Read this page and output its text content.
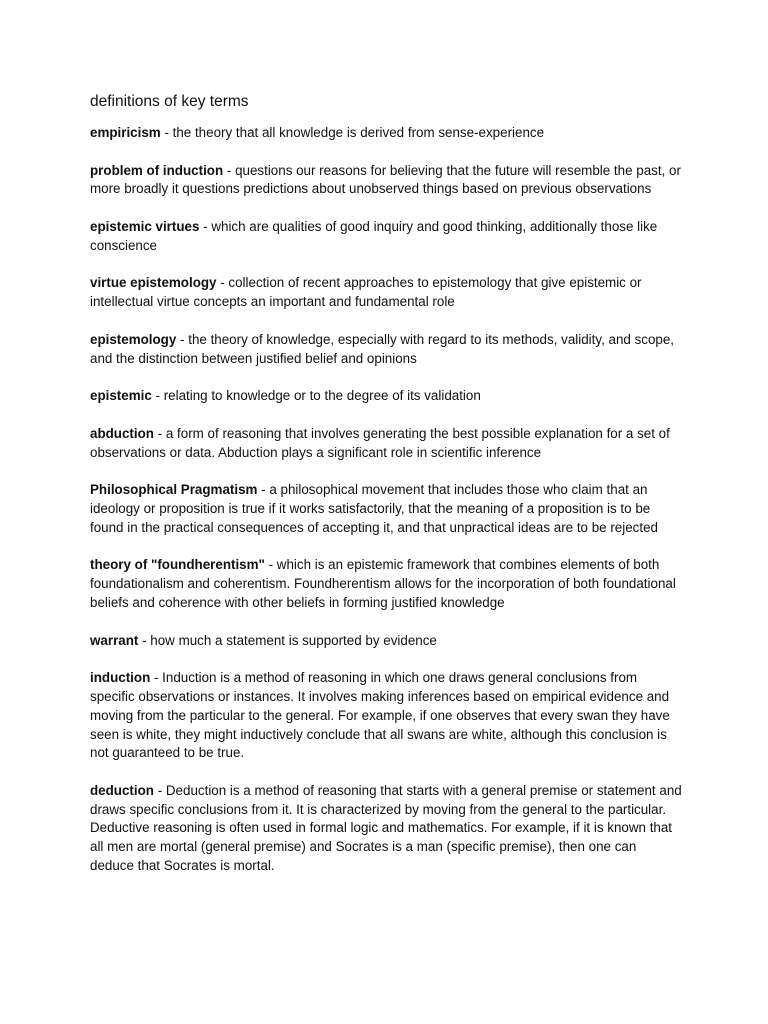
definitions of key terms

empiricism - the theory that all knowledge is derived from sense-experience

problem of induction - questions our reasons for believing that the future will resemble the past, or more broadly it questions predictions about unobserved things based on previous observations

epistemic virtues - which are qualities of good inquiry and good thinking, additionally those like conscience

virtue epistemology - collection of recent approaches to epistemology that give epistemic or intellectual virtue concepts an important and fundamental role

epistemology - the theory of knowledge, especially with regard to its methods, validity, and scope, and the distinction between justified belief and opinions

epistemic - relating to knowledge or to the degree of its validation

abduction - a form of reasoning that involves generating the best possible explanation for a set of observations or data. Abduction plays a significant role in scientific inference

Philosophical Pragmatism - a philosophical movement that includes those who claim that an ideology or proposition is true if it works satisfactorily, that the meaning of a proposition is to be found in the practical consequences of accepting it, and that unpractical ideas are to be rejected

theory of "foundherentism" - which is an epistemic framework that combines elements of both foundationalism and coherentism. Foundherentism allows for the incorporation of both foundational beliefs and coherence with other beliefs in forming justified knowledge

warrant - how much a statement is supported by evidence

induction - Induction is a method of reasoning in which one draws general conclusions from specific observations or instances. It involves making inferences based on empirical evidence and moving from the particular to the general. For example, if one observes that every swan they have seen is white, they might inductively conclude that all swans are white, although this conclusion is not guaranteed to be true.

deduction - Deduction is a method of reasoning that starts with a general premise or statement and draws specific conclusions from it. It is characterized by moving from the general to the particular. Deductive reasoning is often used in formal logic and mathematics. For example, if it is known that all men are mortal (general premise) and Socrates is a man (specific premise), then one can deduce that Socrates is mortal.
